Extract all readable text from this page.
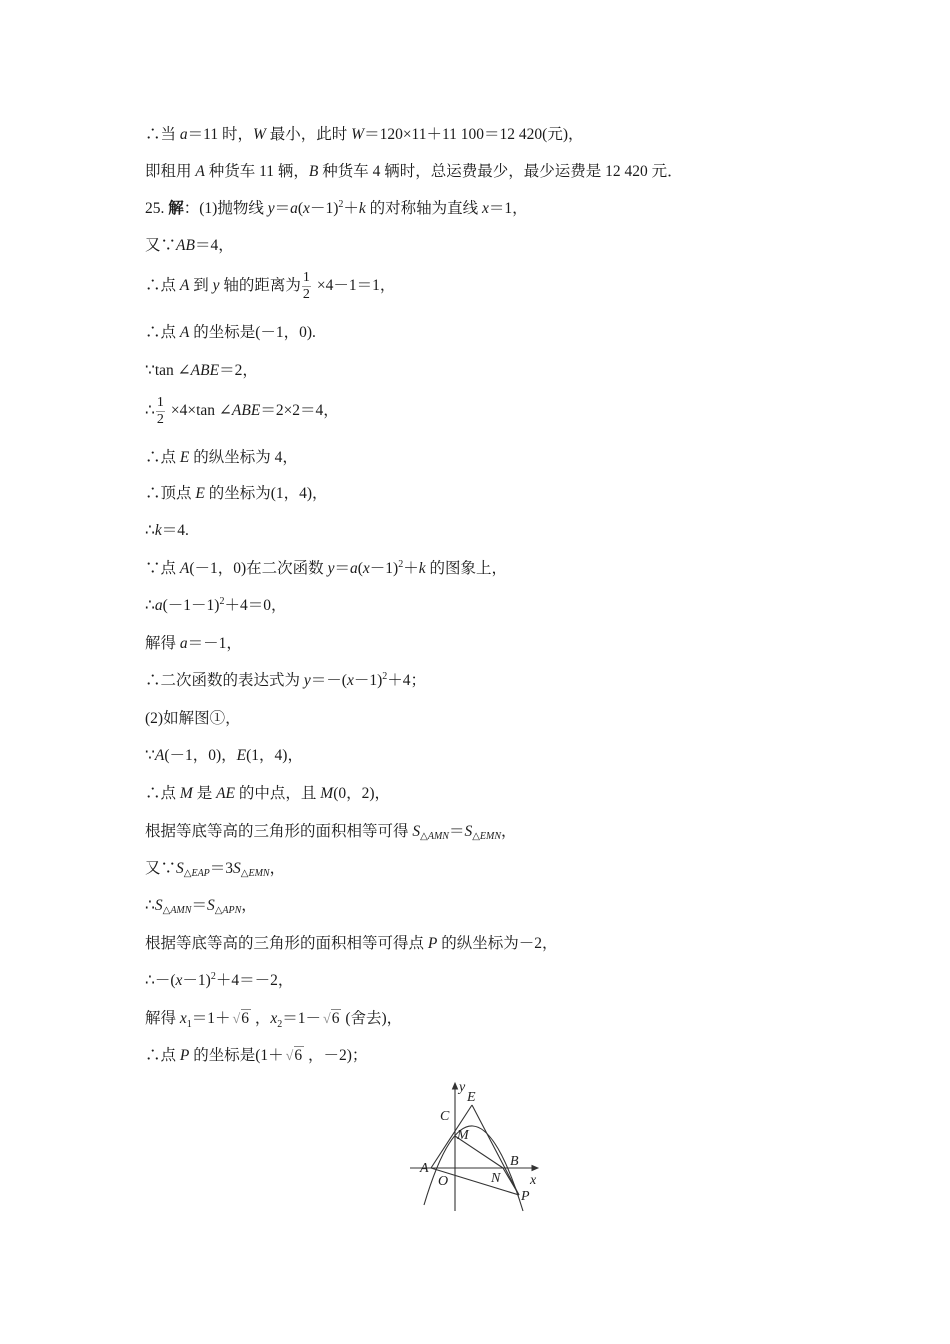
∴当 a＝11 时，W 最小，此时 W＝120×11＋11 100＝12 420(元)，
即租用 A 种货车 11 辆，B 种货车 4 辆时，总运费最少，最少运费是 12 420 元．
25. 解：(1)抛物线 $y=a(x-1)^2+k$ 的对称轴为直线 x＝1，
又∵AB＝4，
∴点 A 到 y 轴的距离为 $\frac{1}{2} \times 4-1=1$，
∴点 A 的坐标是(－1，0).
∵tan ∠ABE＝2，
∴ $\frac{1}{2} \times 4\times\tan$ ∠ABE＝2×2＝4，
∴点 E 的纵坐标为 4，
∴顶点 E 的坐标为(1，4)，
∴k＝4.
∵点 A(－1，0)在二次函数 $y=a(x-1)^2+k$ 的图象上，
$\therefore a(-1-1)^2+4=0$，
解得 a＝－1，
∴二次函数的表达式为 $y=-(x-1)^2+4$；
(2)如解图①，
∵A(－1，0)，E(1，4)，
∴点 M 是 AE 的中点，且 M(0，2)，
根据等底等高的三角形的面积相等可得 $S_{\triangle AMN}=S_{\triangle EMN}$，
又$\because S_{\triangle EAP}=3S_{\triangle EMN}$，
$\therefore S_{\triangle AMN}=S_{\triangle APN}$，
根据等底等高的三角形的面积相等可得点 P 的纵坐标为－2，
$\therefore-(x-1)^2+4=-2$，
解得 $x_1=1+$ √ 6 ，$x_2=1-$ √ 6 (舍去)，
∴点 P 的坐标是(1＋ √ 6 ，－2)；
y
E
C
M
A	B
O	N x
P
